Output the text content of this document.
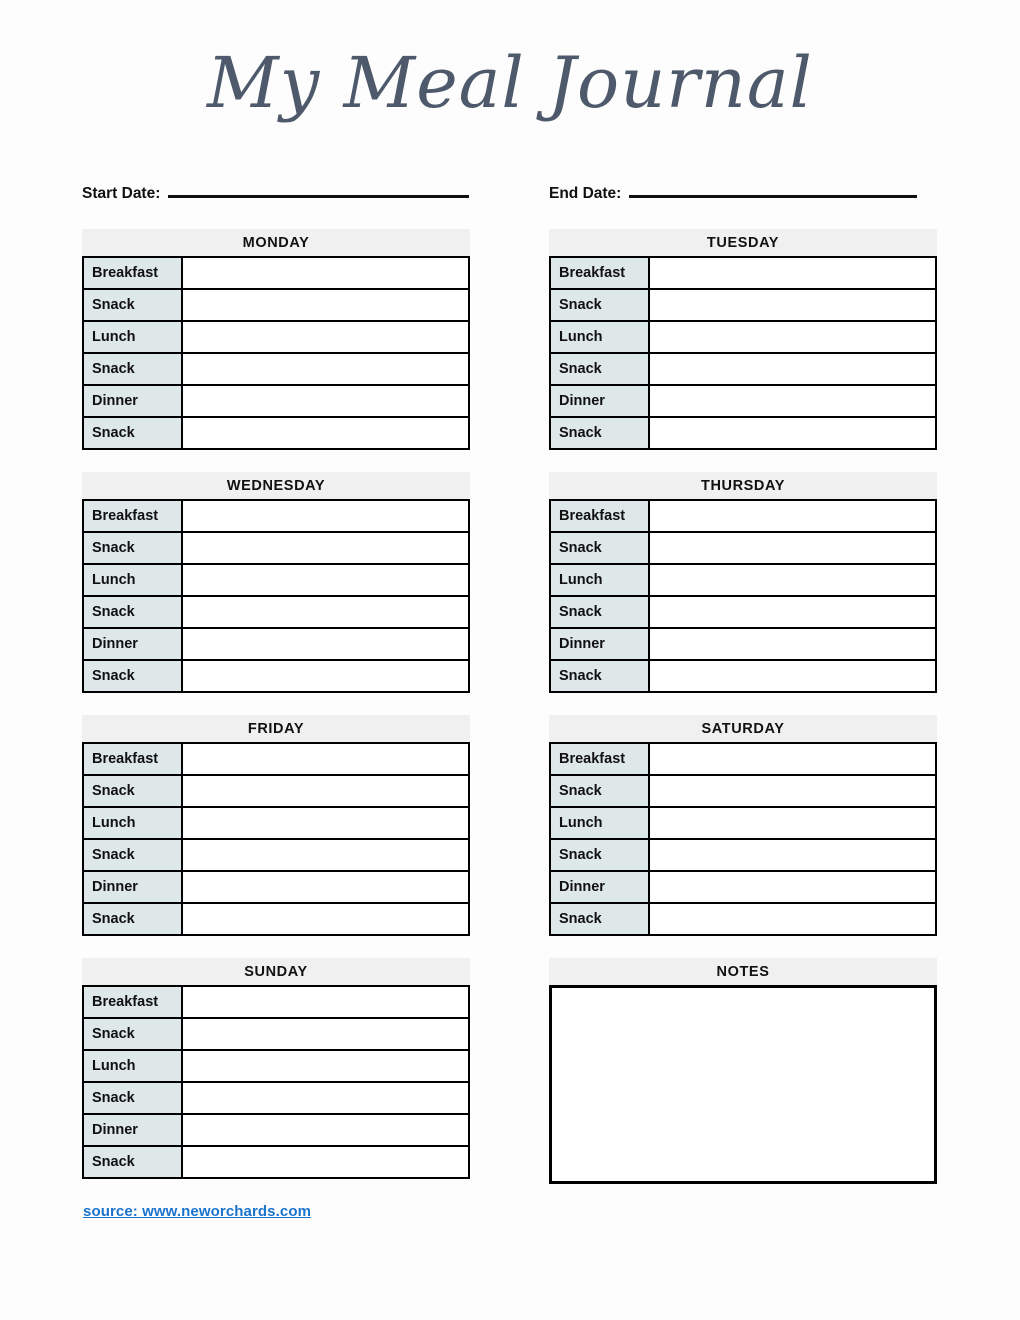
My Meal Journal
Start Date:	End Date:
MONDAY
Breakfast	
Snack	
Lunch	
Snack	
Dinner	
Snack	
TUESDAY
Breakfast	
Snack	
Lunch	
Snack	
Dinner	
Snack	
WEDNESDAY
Breakfast	
Snack	
Lunch	
Snack	
Dinner	
Snack	
THURSDAY
Breakfast	
Snack	
Lunch	
Snack	
Dinner	
Snack	
FRIDAY
Breakfast	
Snack	
Lunch	
Snack	
Dinner	
Snack	
SATURDAY
Breakfast	
Snack	
Lunch	
Snack	
Dinner	
Snack	
SUNDAY
Breakfast	
Snack	
Lunch	
Snack	
Dinner	
Snack	
NOTES
source: www.neworchards.com
